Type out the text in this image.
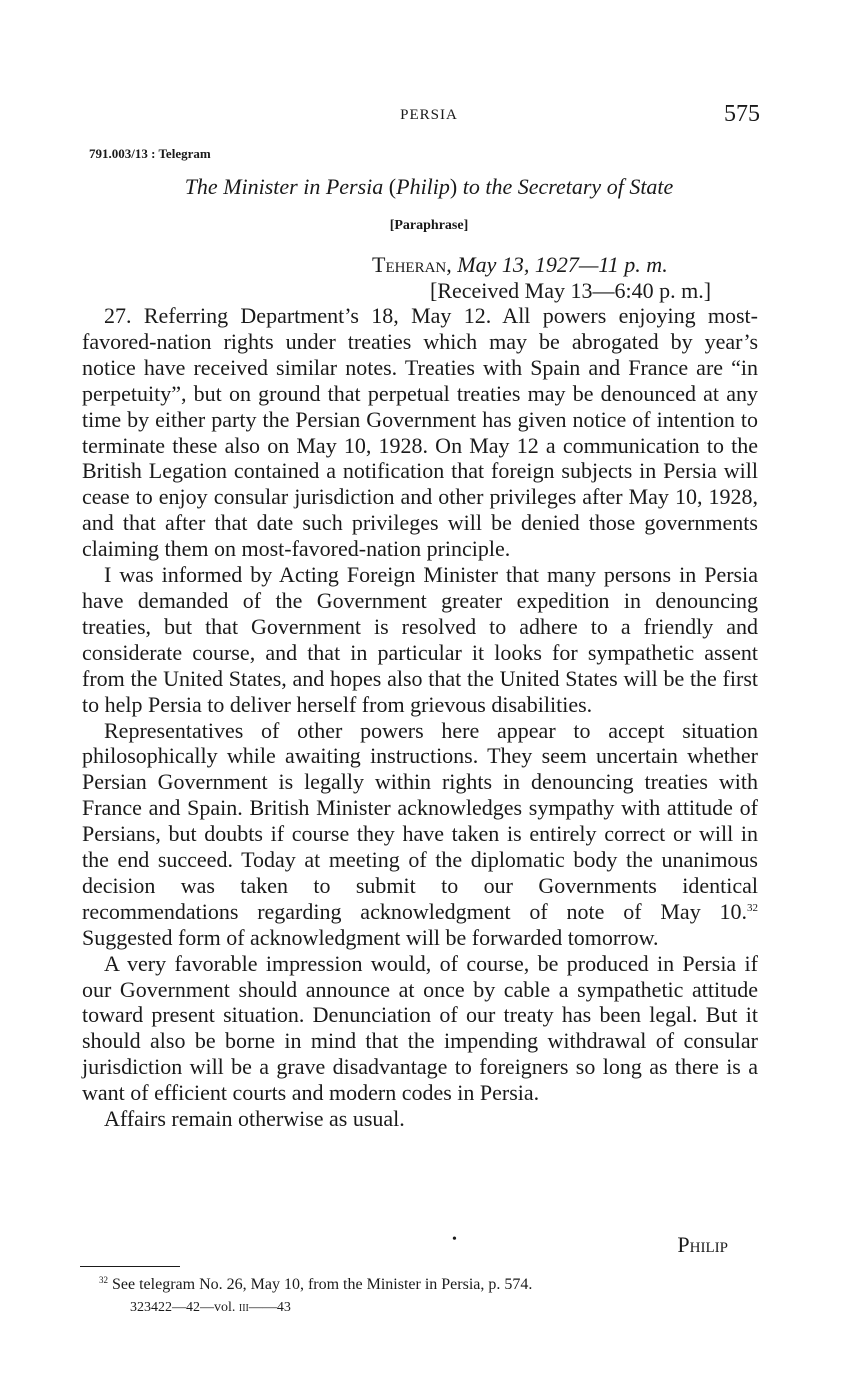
PERSIA	575
791.003/13 : Telegram
The Minister in Persia (Philip) to the Secretary of State
[Paraphrase]
Teheran, May 13, 1927—11 p. m.
[Received May 13—6:40 p. m.]

27. Referring Department’s 18, May 12. All powers enjoying most-favored-nation rights under treaties which may be abrogated by year’s notice have received similar notes. Treaties with Spain and France are “in perpetuity”, but on ground that perpetual treaties may be denounced at any time by either party the Persian Government has given notice of intention to terminate these also on May 10, 1928. On May 12 a communication to the British Legation contained a notification that foreign subjects in Persia will cease to enjoy consular jurisdiction and other privileges after May 10, 1928, and that after that date such privileges will be denied those governments claiming them on most-favored-nation principle.

I was informed by Acting Foreign Minister that many persons in Persia have demanded of the Government greater expedition in denouncing treaties, but that Government is resolved to adhere to a friendly and considerate course, and that in particular it looks for sympathetic assent from the United States, and hopes also that the United States will be the first to help Persia to deliver herself from grievous disabilities.

Representatives of other powers here appear to accept situation philosophically while awaiting instructions. They seem uncertain whether Persian Government is legally within rights in denouncing treaties with France and Spain. British Minister acknowledges sympathy with attitude of Persians, but doubts if course they have taken is entirely correct or will in the end succeed. Today at meeting of the diplomatic body the unanimous decision was taken to submit to our Governments identical recommendations regarding acknowledgment of note of May 10.32 Suggested form of acknowledgment will be forwarded tomorrow.

A very favorable impression would, of course, be produced in Persia if our Government should announce at once by cable a sympathetic attitude toward present situation. Denunciation of our treaty has been legal. But it should also be borne in mind that the impending withdrawal of consular jurisdiction will be a grave disadvantage to foreigners so long as there is a want of efficient courts and modern codes in Persia.

Affairs remain otherwise as usual.

•	Philip
$^{32}$ See telegram No. 26, May 10, from the Minister in Persia, p. 574.
323422—42—vol. iii——43
